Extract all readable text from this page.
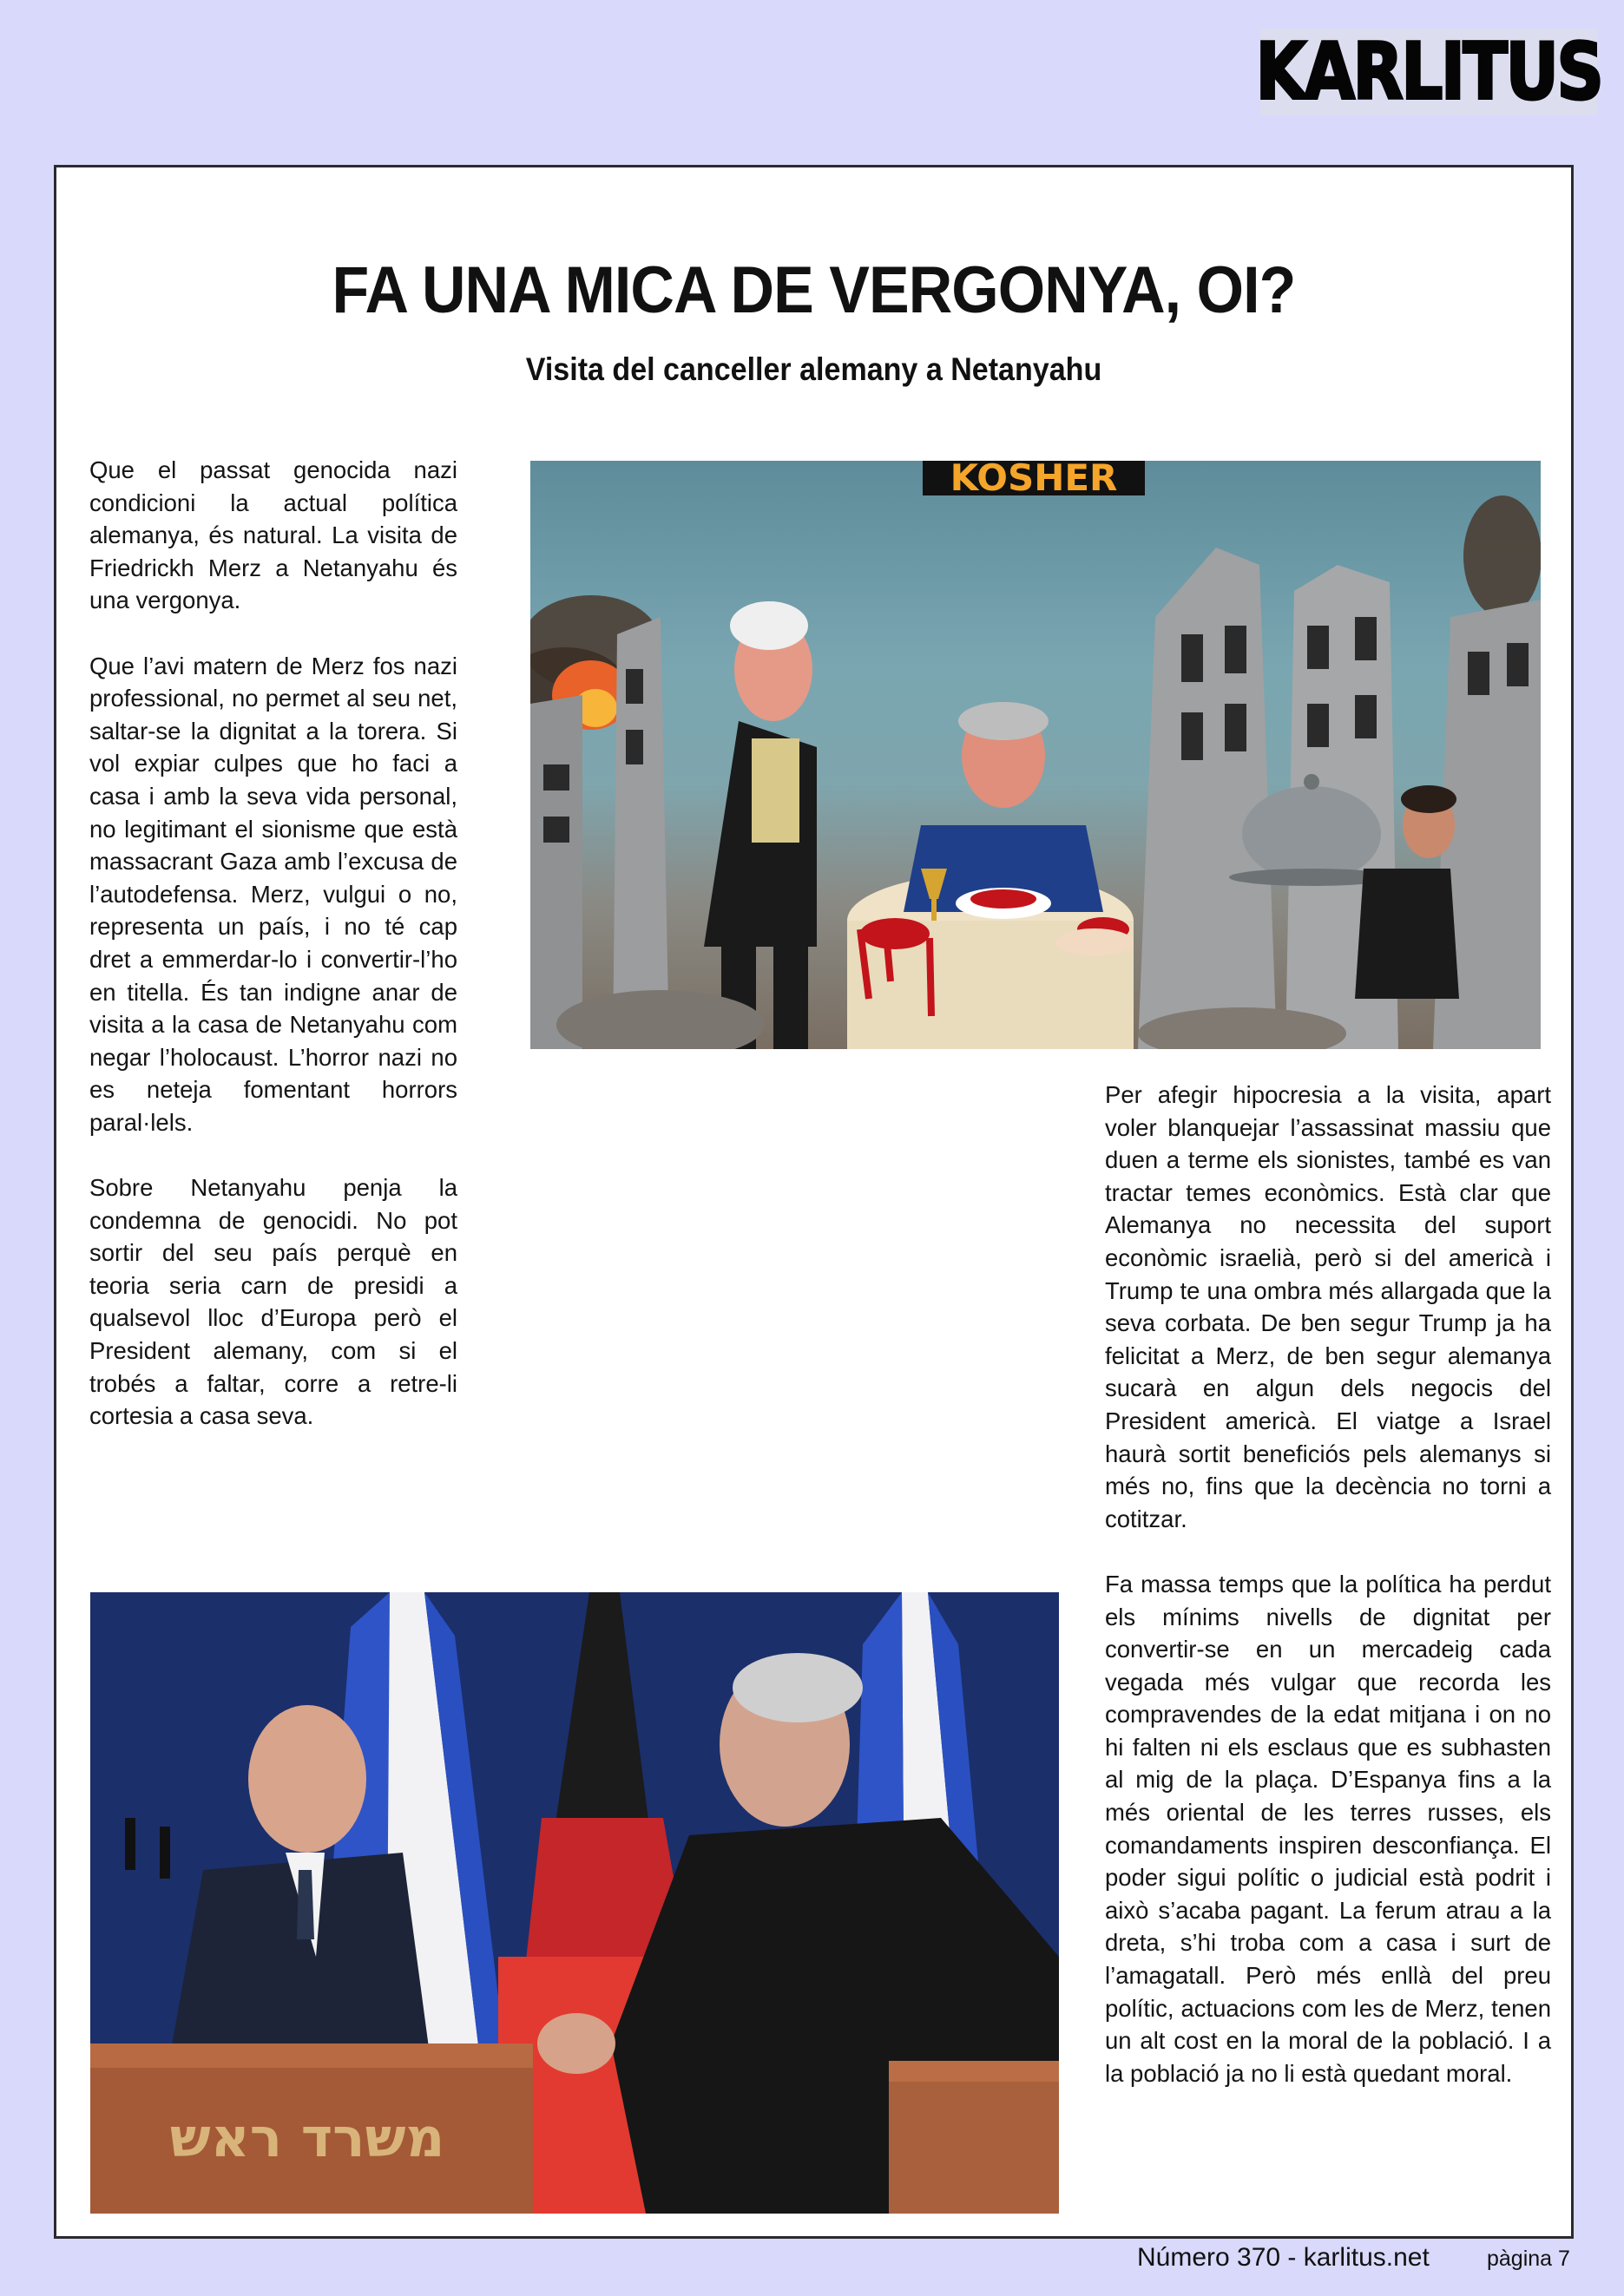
KARLITUS
FA UNA MICA DE VERGONYA, OI?
Visita del canceller alemany a Netanyahu

Que el passat genocida nazi condicioni la actual política alemanya, és natural. La visita de Friedrickh Merz a Netanyahu és una vergonya.

Que l’avi matern de Merz fos nazi professional, no permet al seu net, saltar-se la dignitat a la torera. Si vol expiar culpes que ho faci a casa i amb la seva vida personal, no legitimant el sionisme que està massacrant Gaza amb l’excusa de l’autodefensa. Merz, vulgui o no, representa un país, i no té cap dret a emmerdar-lo i convertir-l’ho en titella. És tan indigne anar de visita a la casa de Netanyahu com negar l’holocaust. L’horror nazi no es neteja fomentant horrors paral·lels.

Sobre Netanyahu penja la condemna de genocidi. No pot sortir del seu país perquè en teoria seria carn de presidi a qualsevol lloc d’Europa però el President alemany, com si el trobés a faltar, corre a retre-li cortesia a casa seva.

KOSHER

Per afegir hipocresia a la visita, apart voler blanquejar l’assassinat massiu que duen a terme els sionistes, també es van tractar temes econòmics. Està clar que Alemanya no necessita del suport econòmic israelià, però si del americà i Trump te una ombra més allargada que la seva corbata. De ben segur Trump ja ha felicitat a Merz, de ben segur alemanya sucarà en algun dels negocis del President americà. El viatge a Israel haurà sortit beneficiós pels alemanys si més no, fins que la decència no torni a cotitzar.

Fa massa temps que la política ha perdut els mínims nivells de dignitat per convertir-se en un mercadeig cada vegada més vulgar que recorda les compravendes de la edat mitjana i on no hi falten ni els esclaus que es subhasten al mig de la plaça. D’Espanya fins a la més oriental de les terres russes, els comandaments inspiren desconfiança. El poder sigui polític o judicial està podrit i això s’acaba pagant. La ferum atrau a la dreta, s’hi troba com a casa i surt de l’amagatall. Però més enllà del preu polític, actuacions com les de Merz, tenen un alt cost en la moral de la població. I a la població ja no li està quedant moral.

משרד ראש
Número 370 - karlitus.net	pàgina 7
